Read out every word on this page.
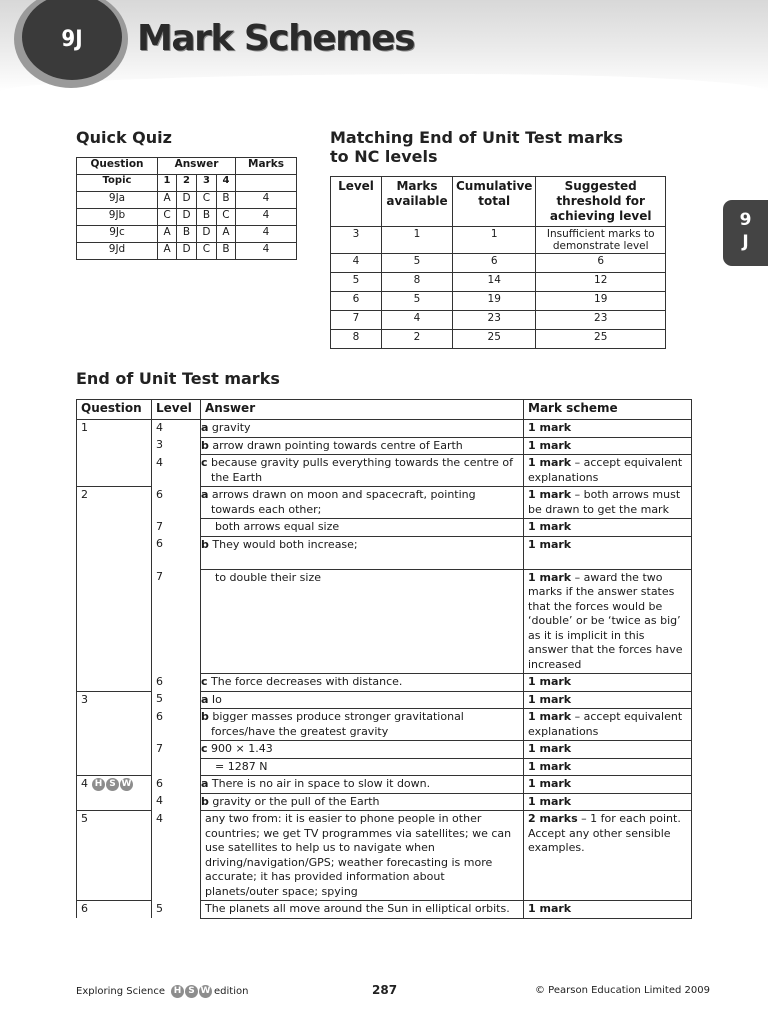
9J	Mark Schemes
9
J
Quick Quiz
Question	Answer				Marks
Topic	1	2	3	4	
9Ja	A	D	C	B	4
9Jb	C	D	B	C	4
9Jc	A	B	D	A	4
9Jd	A	D	C	B	4
Matching End of Unit Test marks
to NC levels
Level	Marks available	Cumulative total	Suggested threshold for achieving level
3	1	1	Insufficient marks to demonstrate level
4	5	6	6
5	8	14	12
6	5	19	19
7	4	23	23
8	2	25	25
End of Unit Test marks
Question	Level	Answer	Mark scheme
1	4	a gravity	1 mark
	3	b arrow drawn pointing towards centre of Earth	1 mark
	4	c because gravity pulls everything towards the centre of the Earth	1 mark – accept equivalent explanations
2	6	a arrows drawn on moon and spacecraft, pointing towards each other;	1 mark – both arrows must be drawn to get the mark
	7	both arrows equal size	1 mark
	6	b They would both increase;	1 mark
	7	to double their size	1 mark – award the two marks if the answer states that the forces would be ‘double’ or be ‘twice as big’ as it is implicit in this answer that the forces have increased
	6	c The force decreases with distance.	1 mark
3	5	a Io	1 mark
	6	b bigger masses produce stronger gravitational forces/have the greatest gravity	1 mark – accept equivalent explanations
	7	c 900 × 1.43	1 mark
		= 1287 N	1 mark
4 H S W	6	a There is no air in space to slow it down.	1 mark
	4	b gravity or the pull of the Earth	1 mark
5	4	any two from: it is easier to phone people in other countries; we get TV programmes via satellites; we can use satellites to help us to navigate when driving/navigation/GPS; weather forecasting is more accurate; it has provided information about planets/outer space; spying	2 marks – 1 for each point. Accept any other sensible examples.
6	5	The planets all move around the Sun in elliptical orbits.	1 mark
Exploring Science H S W edition	287	© Pearson Education Limited 2009
